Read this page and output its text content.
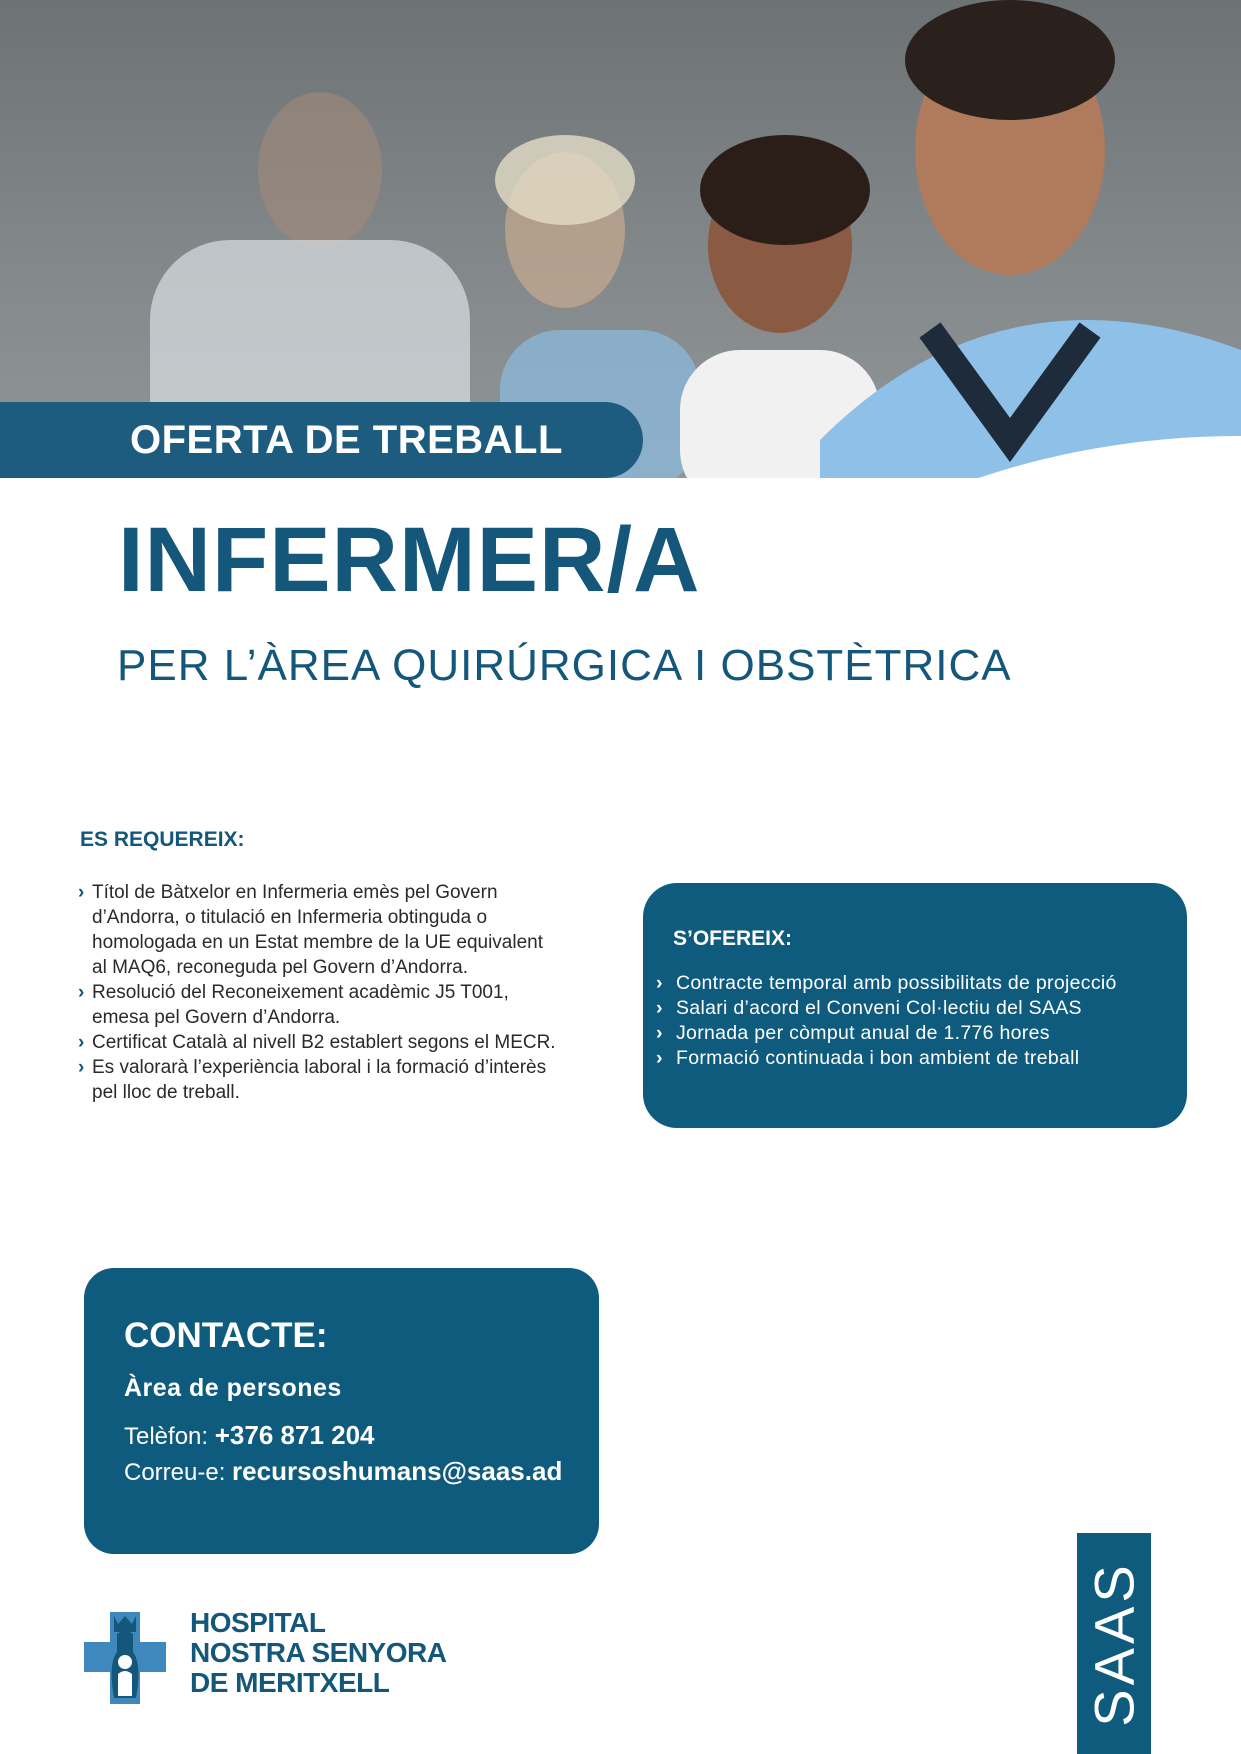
OFERTA DE TREBALL
INFERMER/A
PER L’ÀREA QUIRÚRGICA I OBSTÈTRICA
ES REQUEREIX:
› Títol de Bàtxelor en Infermeria emès pel Govern d’Andorra, o titulació en Infermeria obtinguda o homologada en un Estat membre de la UE equivalent al MAQ6, reconeguda pel Govern d’Andorra.
› Resolució del Reconeixement acadèmic J5 T001, emesa pel Govern d’Andorra.
› Certificat Català al nivell B2 establert segons el MECR.
› Es valorarà l’experiència laboral i la formació d’interès pel lloc de treball.
S’OFEREIX:
› Contracte temporal amb possibilitats de projecció
› Salari d’acord el Conveni Col·lectiu del SAAS
› Jornada per còmput anual de 1.776 hores
› Formació continuada i bon ambient de treball
CONTACTE:
Àrea de persones
Telèfon: +376 871 204
Correu-e: recursoshumans@saas.ad
HOSPITAL
NOSTRA SENYORA
DE MERITXELL	SAAS
